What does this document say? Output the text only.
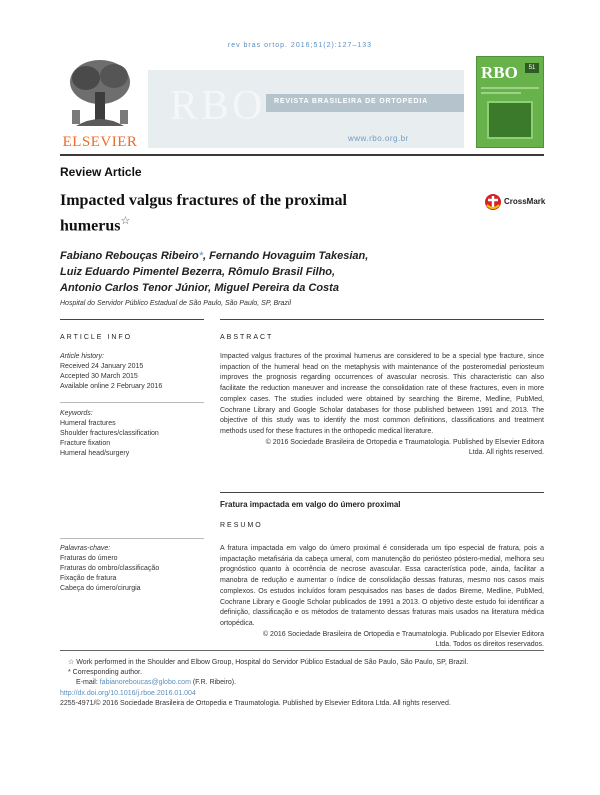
rev bras ortop. 2016;51(2):127–133
ELSEVIER
RBO REVISTA BRASILEIRA DE ORTOPEDIA
www.rbo.org.br
RBO	51
Review Article
Impacted valgus fractures of the proximal
humerus☆
CrossMark
Fabiano Rebouças Ribeiro*, Fernando Hovaguim Takesian,
Luiz Eduardo Pimentel Bezerra, Rômulo Brasil Filho,
Antonio Carlos Tenor Júnior, Miguel Pereira da Costa
Hospital do Servidor Público Estadual de São Paulo, São Paulo, SP, Brazil
ARTICLE INFO	ABSTRACT
Article history:
Received 24 January 2015
Accepted 30 March 2015
Available online 2 February 2016
Keywords:
Humeral fractures
Shoulder fractures/classification
Fracture fixation
Humeral head/surgery
Impacted valgus fractures of the proximal humerus are considered to be a special type fracture, since impaction of the humeral head on the metaphysis with maintenance of the posteromedial periosteum improves the prognosis regarding occurrences of avascular necrosis. This characteristic can also facilitate the reduction maneuver and increase the consolidation rate of these fractures, even in more complex cases. The studies included were obtained by searching the Bireme, Medline, PubMed, Cochrane Library and Google Scholar databases for those published between 1991 and 2013. The objective of this study was to identify the most common definitions, classifications and treatment methods used for these fractures in the orthopedic medical literature.
© 2016 Sociedade Brasileira de Ortopedia e Traumatologia. Published by Elsevier Editora
Ltda. All rights reserved.
Fratura impactada em valgo do úmero proximal
RESUMO
Palavras-chave:
Fraturas do úmero
Fraturas do ombro/classificação
Fixação de fratura
Cabeça do úmero/cirurgia
A fratura impactada em valgo do úmero proximal é considerada um tipo especial de fratura, pois a impactação metafisária da cabeça umeral, com manutenção do periósteo póstero-medial, melhora seu prognóstico quanto à ocorrência de necrose avascular. Essa característica pode, ainda, facilitar a manobra de redução e aumentar o índice de consolidação dessas fraturas, mesmo nos casos mais complexos. Os estudos incluídos foram pesquisados nas bases de dados Bireme, Medline, PubMed, Cochrane Library e Google Scholar publicados de 1991 a 2013. O objetivo deste estudo foi identificar a definição, classificação e os métodos de tratamento dessas fraturas mais usados na literatura médica ortopédica.
© 2016 Sociedade Brasileira de Ortopedia e Traumatologia. Publicado por Elsevier Editora
Ltda. Todos os direitos reservados.
☆ Work performed in the Shoulder and Elbow Group, Hospital do Servidor Público Estadual de São Paulo, São Paulo, SP, Brazil.
* Corresponding author.
E-mail: fabianoreboucas@globo.com (F.R. Ribeiro).
http://dx.doi.org/10.1016/j.rboe.2016.01.004
2255-4971/© 2016 Sociedade Brasileira de Ortopedia e Traumatologia. Published by Elsevier Editora Ltda. All rights reserved.
